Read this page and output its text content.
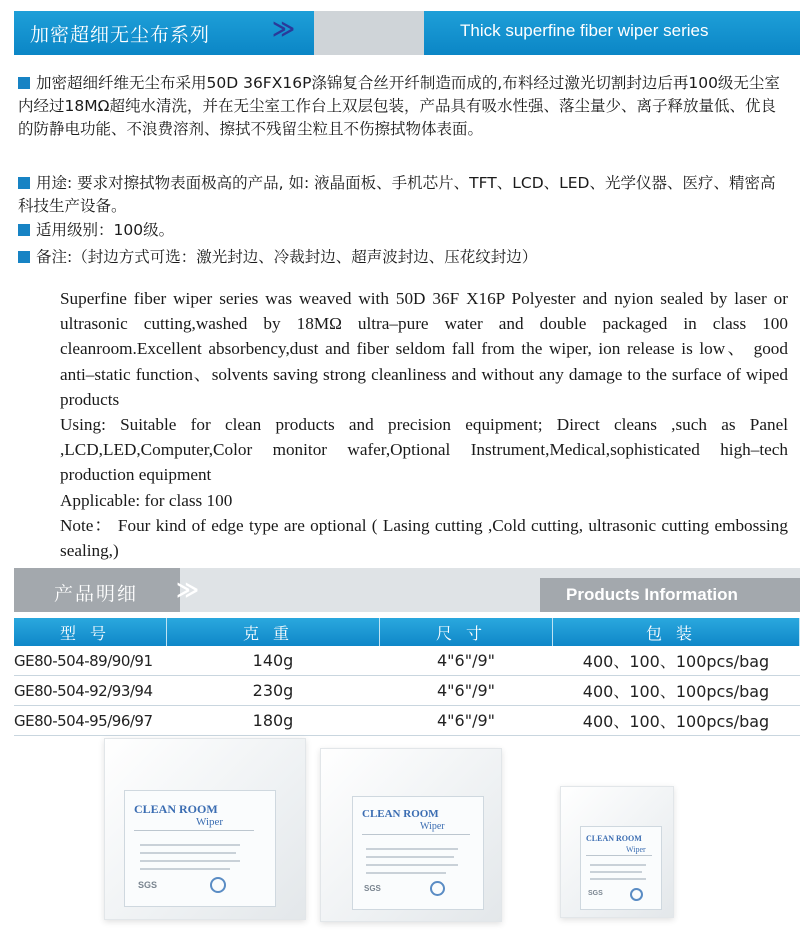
加密超细无尘布系列	≫	Thick superfine fiber wiper series
加密超细纤维无尘布采用50D 36FX16P涤锦复合丝开纤制造而成的,布料经过激光切割封边后再100级无尘室内经过18MΩ超纯水清洗，并在无尘室工作台上双层包装，产品具有吸水性强、落尘量少、离子释放量低、优良的防静电功能、不浪费溶剂、擦拭不残留尘粒且不伤擦拭物体表面。
用途: 要求对擦拭物表面极高的产品, 如: 液晶面板、手机芯片、TFT、LCD、LED、光学仪器、医疗、精密高科技生产设备。
适用级别：100级。
备注:（封边方式可选：激光封边、冷裁封边、超声波封边、压花纹封边）

Superfine fiber wiper series was weaved with 50D 36F X16P Polyester and nyion sealed by laser or ultrasonic cutting,washed by 18MΩ ultra–pure water and double packaged in class 100 cleanroom.Excellent absorbency,dust and fiber seldom fall from the wiper, ion release is low、 good anti–static function、solvents saving strong cleanliness and without any damage to the surface of wiped products

Using: Suitable for clean products and precision equipment; Direct cleans ,such as Panel ,LCD,LED,Computer,Color monitor wafer,Optional Instrument,Medical,sophisticated high–tech production equipment

Applicable: for class 100

Note： Four kind of edge type are optional ( Lasing cutting ,Cold cutting, ultrasonic cutting embossing sealing,)

产品明细 ≫	Products Information
型号	克重	尺寸	包装
GE80-504-89/90/91	140g	4"6"/9"	400、100、100pcs/bag
GE80-504-92/93/94	230g	4"6"/9"	400、100、100pcs/bag
GE80-504-95/96/97	180g	4"6"/9"	400、100、100pcs/bag
CLEAN ROOM
Wiper
SGS
CLEAN ROOM
Wiper
SGS
CLEAN ROOM
Wiper
SGS
